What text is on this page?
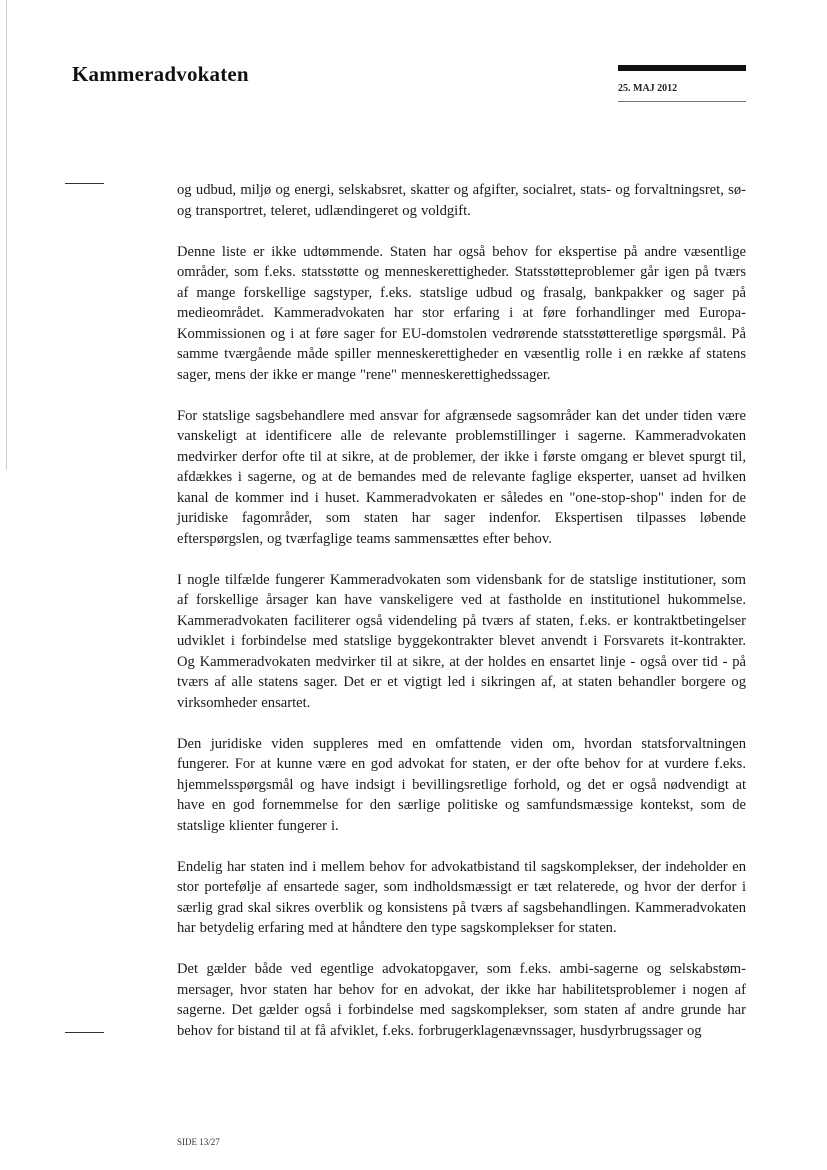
Kammeradvokaten
25. MAJ 2012

og udbud, miljø og energi, selskabsret, skatter og afgifter, socialret, stats- og forvaltningsret, sø- og transportret, teleret, udlændingeret og voldgift.

Denne liste er ikke udtømmende. Staten har også behov for ekspertise på andre væsentlige områder, som f.eks. statsstøtte og menneskerettigheder. Statsstøtteproblemer går igen på tværs af mange forskellige sagstyper, f.eks. statslige udbud og frasalg, bankpakker og sager på medieområdet. Kammeradvokaten har stor erfaring i at føre forhandlinger med Europa-Kommissionen og i at føre sager for EU-domstolen vedrørende statsstøtteretlige spørgsmål. På samme tværgående måde spiller menneskerettigheder en væsentlig rolle i en række af statens sager, mens der ikke er mange "rene" menneskerettighedssager.

For statslige sagsbehandlere med ansvar for afgrænsede sagsområder kan det under tiden være vanskeligt at identificere alle de relevante problemstillinger i sagerne. Kammeradvokaten medvirker derfor ofte til at sikre, at de problemer, der ikke i første omgang er blevet spurgt til, afdækkes i sagerne, og at de bemandes med de relevante faglige eksperter, uanset ad hvilken kanal de kommer ind i huset. Kammeradvokaten er således en "one-stop-shop" inden for de juridiske fagområder, som staten har sager indenfor. Ekspertisen tilpasses løbende efterspørgslen, og tværfaglige teams sammensættes efter behov.

I nogle tilfælde fungerer Kammeradvokaten som vidensbank for de statslige institutioner, som af forskellige årsager kan have vanskeligere ved at fastholde en institutionel hukommelse. Kammeradvokaten faciliterer også videndeling på tværs af staten, f.eks. er kontraktbetingelser udviklet i forbindelse med statslige byggekontrakter blevet anvendt i Forsvarets it-kontrakter. Og Kammeradvokaten medvirker til at sikre, at der holdes en ensartet linje - også over tid - på tværs af alle statens sager. Det er et vigtigt led i sikringen af, at staten behandler borgere og virksomheder ensartet.

Den juridiske viden suppleres med en omfattende viden om, hvordan statsforvaltningen fungerer. For at kunne være en god advokat for staten, er der ofte behov for at vurdere f.eks. hjemmelsspørgsmål og have indsigt i bevillingsretlige forhold, og det er også nødvendigt at have en god fornemmelse for den særlige politiske og samfundsmæssige kontekst, som de statslige klienter fungerer i.

Endelig har staten ind i mellem behov for advokatbistand til sagskomplekser, der indeholder en stor portefølje af ensartede sager, som indholdsmæssigt er tæt relaterede, og hvor der derfor i særlig grad skal sikres overblik og konsistens på tværs af sagsbehandlingen. Kammeradvokaten har betydelig erfaring med at håndtere den type sagskomplekser for staten.

Det gælder både ved egentlige advokatopgaver, som f.eks. ambi-sagerne og selskabstømmersager, hvor staten har behov for en advokat, der ikke har habilitetsproblemer i nogen af sagerne. Det gælder også i forbindelse med sagskomplekser, som staten af andre grunde har behov for bistand til at få afviklet, f.eks. forbrugerklagenævnssager, husdyrbrugssager og

SIDE 13/27
